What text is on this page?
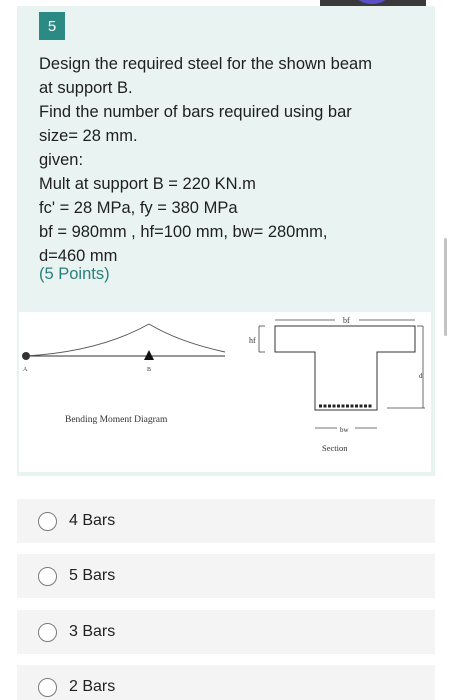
5
Design the required steel for the shown beam
at support B.
Find the number of bars required using bar
size= 28 mm.
given:
Mult at support B = 220 KN.m
fc' = 28 MPa, fy = 380 MPa
bf = 980mm , hf=100 mm, bw= 280mm,
d=460 mm
(5 Points)
A	B
Bending Moment Diagram
bf
hf
d
bw
Section
4 Bars
5 Bars
3 Bars
2 Bars
